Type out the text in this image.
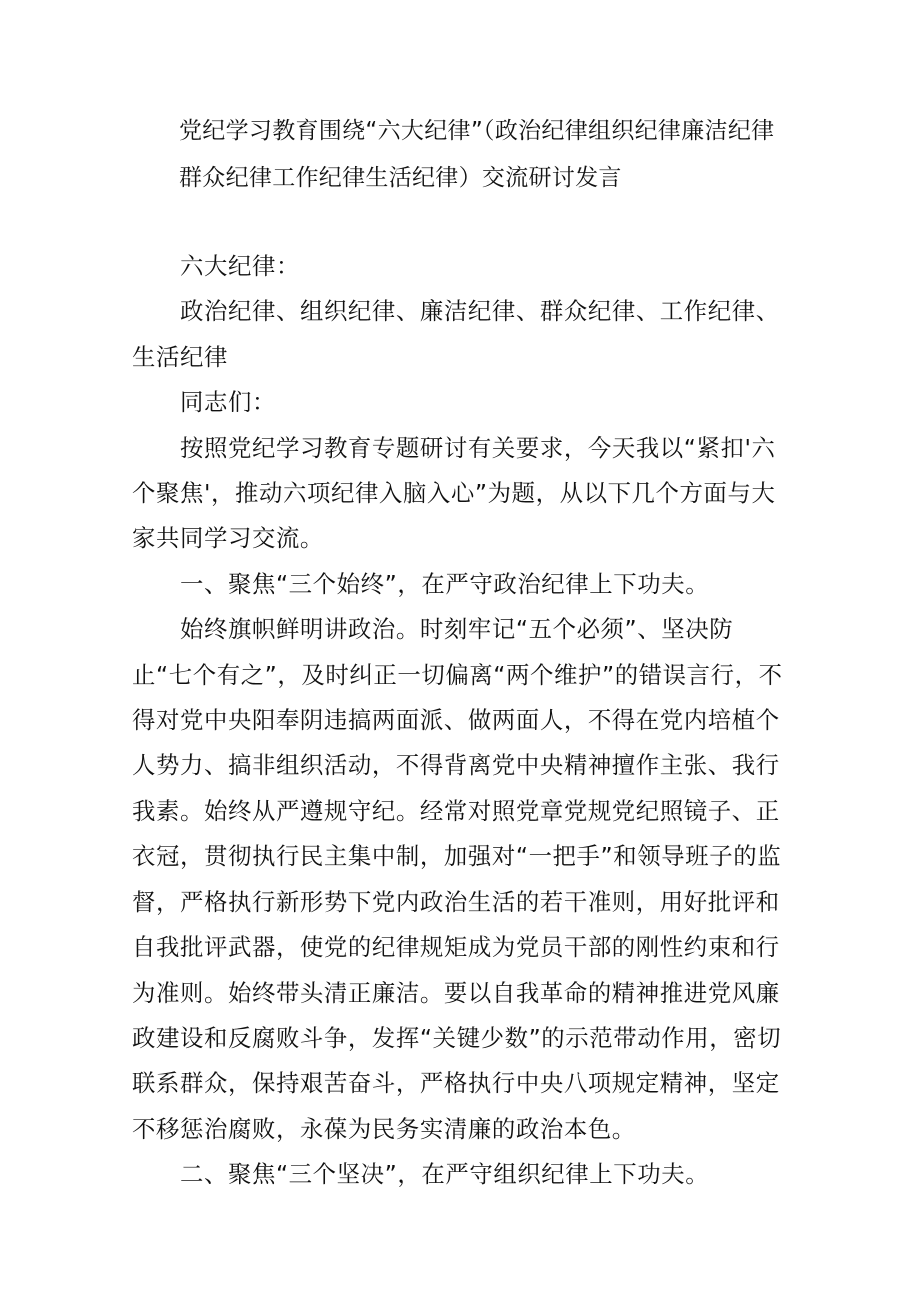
党纪学习教育围绕“六大纪律”（政治纪律组织纪律廉洁纪律群众纪律工作纪律生活纪律）交流研讨发言

六大纪律：

政治纪律、组织纪律、廉洁纪律、群众纪律、工作纪律、生活纪律

同志们：

按照党纪学习教育专题研讨有关要求，今天我以“紧扣'六个聚焦'，推动六项纪律入脑入心”为题，从以下几个方面与大家共同学习交流。

一、聚焦“三个始终”，在严守政治纪律上下功夫。

始终旗帜鲜明讲政治。时刻牢记“五个必须”、坚决防止“七个有之”，及时纠正一切偏离“两个维护”的错误言行，不得对党中央阳奉阴违搞两面派、做两面人，不得在党内培植个人势力、搞非组织活动，不得背离党中央精神擅作主张、我行我素。始终从严遵规守纪。经常对照党章党规党纪照镜子、正衣冠，贯彻执行民主集中制，加强对“一把手”和领导班子的监督，严格执行新形势下党内政治生活的若干准则，用好批评和自我批评武器，使党的纪律规矩成为党员干部的刚性约束和行为准则。始终带头清正廉洁。要以自我革命的精神推进党风廉政建设和反腐败斗争，发挥“关键少数”的示范带动作用，密切联系群众，保持艰苦奋斗，严格执行中央八项规定精神，坚定不移惩治腐败，永葆为民务实清廉的政治本色。

二、聚焦“三个坚决”，在严守组织纪律上下功夫。
